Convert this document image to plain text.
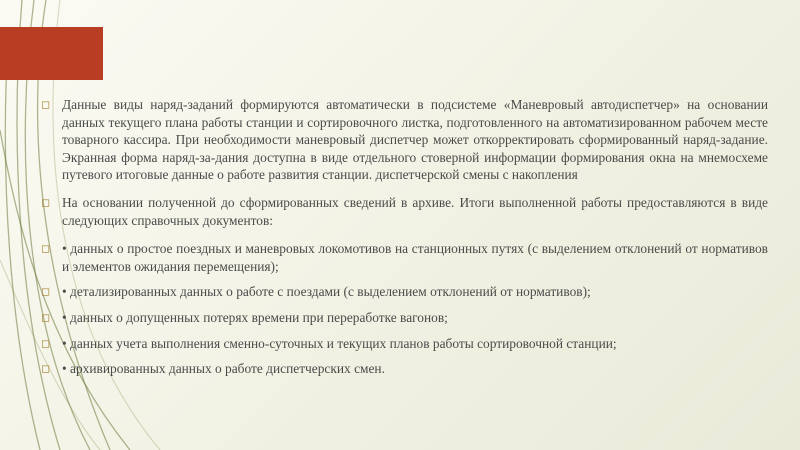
◻ Данные виды наряд-заданий формируются автоматически в подсистеме «Маневровый автодиспетчер» на основании данных текущего плана работы станции и сортировочного листка, подготовленного на автоматизированном рабочем месте товарного кассира. При необходимости маневровый диспетчер может откорректировать сформированный наряд-задание. Экранная форма наряд-за-дания доступна в виде отдельного стоверной информации формирования окна на мнемосхеме путевого итоговые данные о работе развития станции. диспетчерской смены с накопления
◻ На основании полученной до сформированных сведений в архиве. Итоги выполненной работы предоставляются в виде следующих справочных документов:
◻ • данных о простое поездных и маневровых локомотивов на станционных путях (с выделением отклонений от нормативов и элементов ожидания перемещения);
◻ • детализированных данных о работе с поездами (с выделением отклонений от нормативов);
◻ • данных о допущенных потерях времени при переработке вагонов;
◻ • данных учета выполнения сменно-суточных и текущих планов работы сортировочной станции;
◻ • архивированных данных о работе диспетчерских смен.
